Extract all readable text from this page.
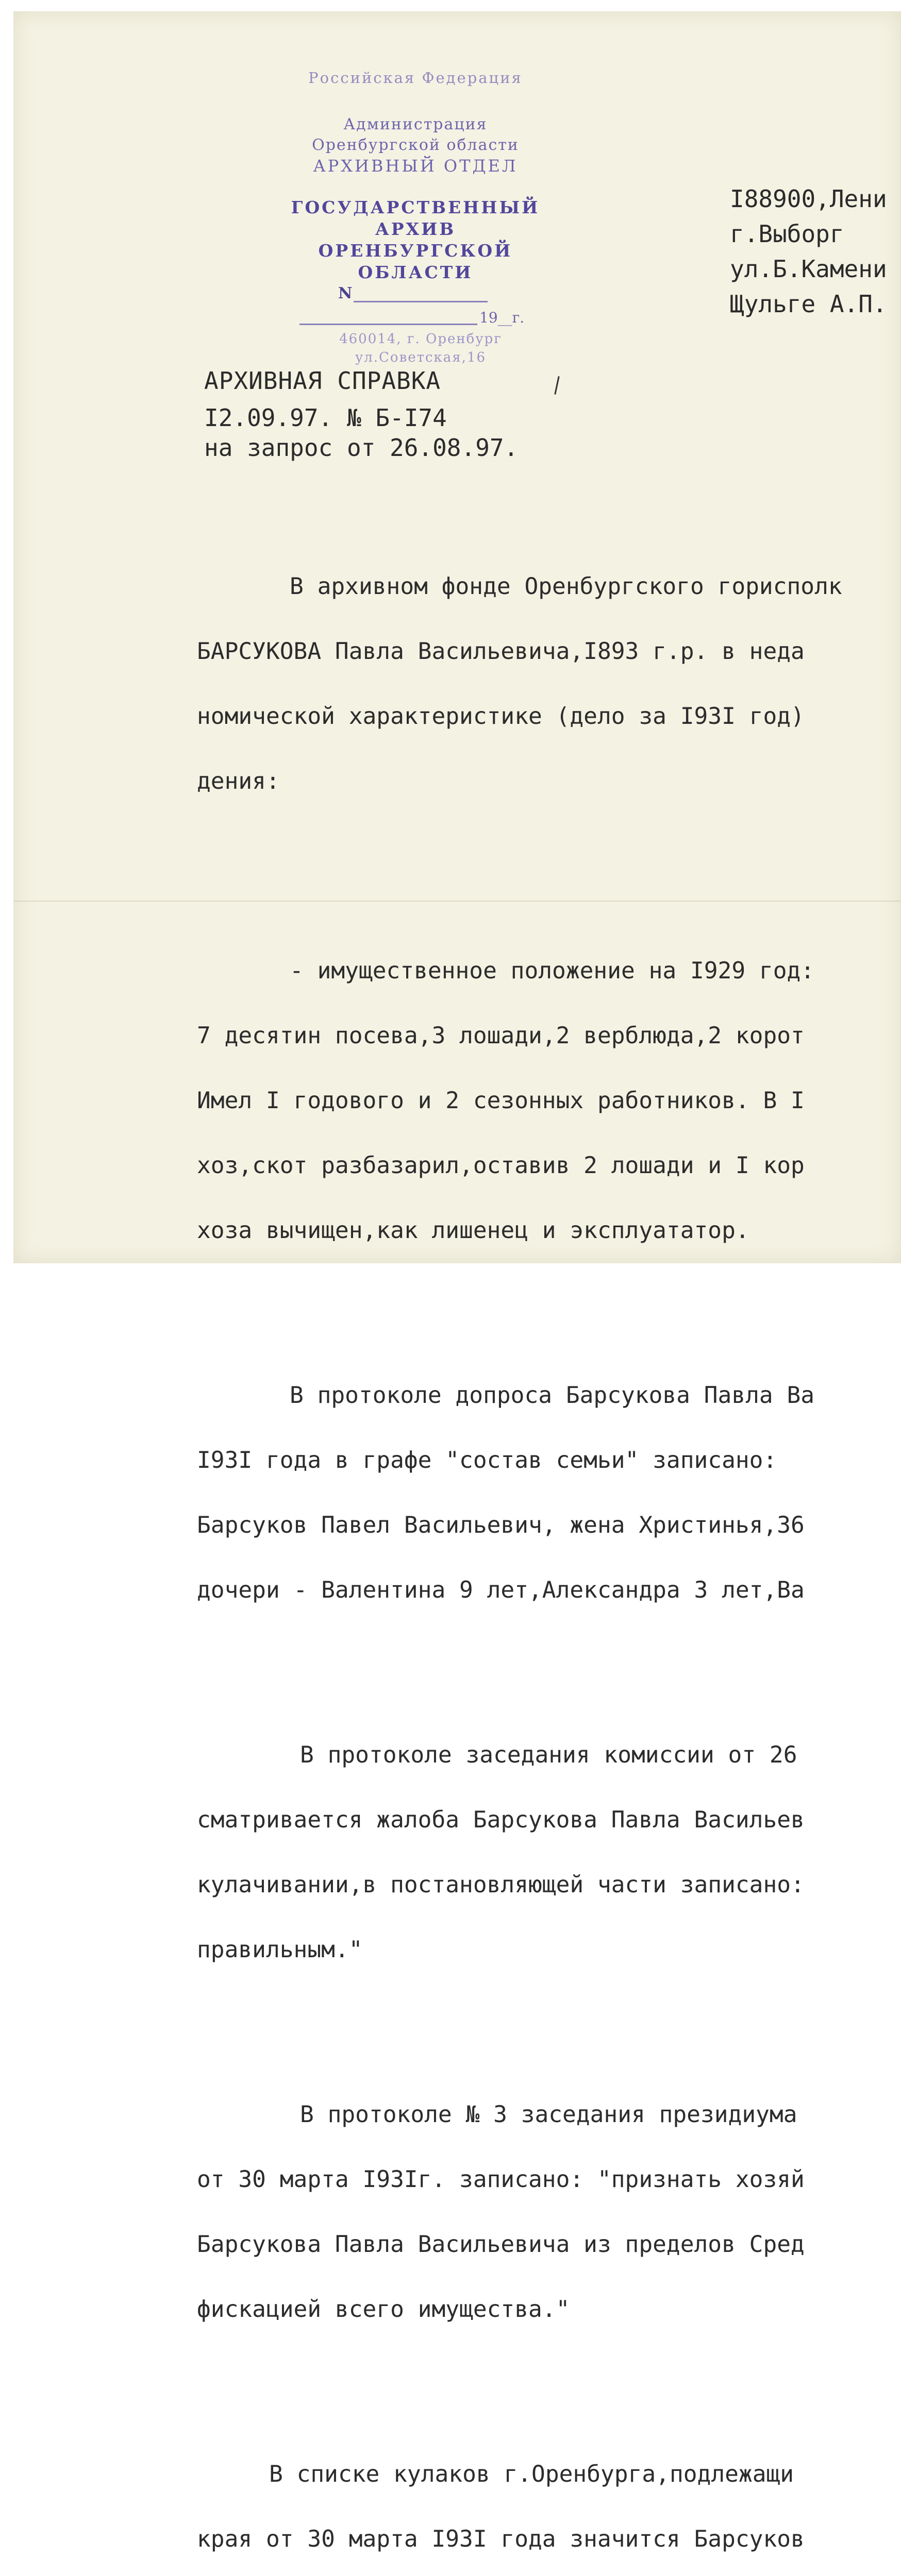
Российская Федерация
Администрация
Оренбургской области
АРХИВНЫЙ ОТДЕЛ
ГОСУДАРСТВЕННЫЙ
АРХИВ
ОРЕНБУРГСКОЙ
ОБЛАСТИ
N
19__г.
460014, г. Оренбург
ул.Советская,16
I88900,Лени
г.Выборг
ул.Б.Камени
Щульге А.П.
АРХИВНАЯ СПРАВКА
I2.09.97. № Б-I74
на запрос от 26.08.97.

В архивном фонде Оренбургского горисполк

БАРСУКОВА Павла Васильевича,I893 г.р. в неда

номической характеристике (дело за I93I год)

дения:

- имущественное положение на I929 год:

7 десятин посева,3 лошади,2 верблюда,2 корот

Имел I годового и 2 сезонных работников. В I

хоз,скот разбазарил,оставив 2 лошади и I кор

хоза вычищен,как лишенец и эксплуататор.

В протоколе допроса Барсукова Павла Ва

I93I года в графе "состав семьи" записано:

Барсуков Павел Васильевич, жена Христинья,36

дочери - Валентина 9 лет,Александра 3 лет,Ва

В протоколе заседания комиссии от 26

сматривается жалоба Барсукова Павла Васильев

кулачивании,в постановляющей части записано:

правильным."

В протоколе № 3 заседания президиума

от 30 марта I93Iг. записано: "признать хозяй

Барсукова Павла Васильевича из пределов Сред

фискацией всего имущества."

В списке кулаков г.Оренбурга,подлежащи

края от 30 марта I93I года значится Барсуков
